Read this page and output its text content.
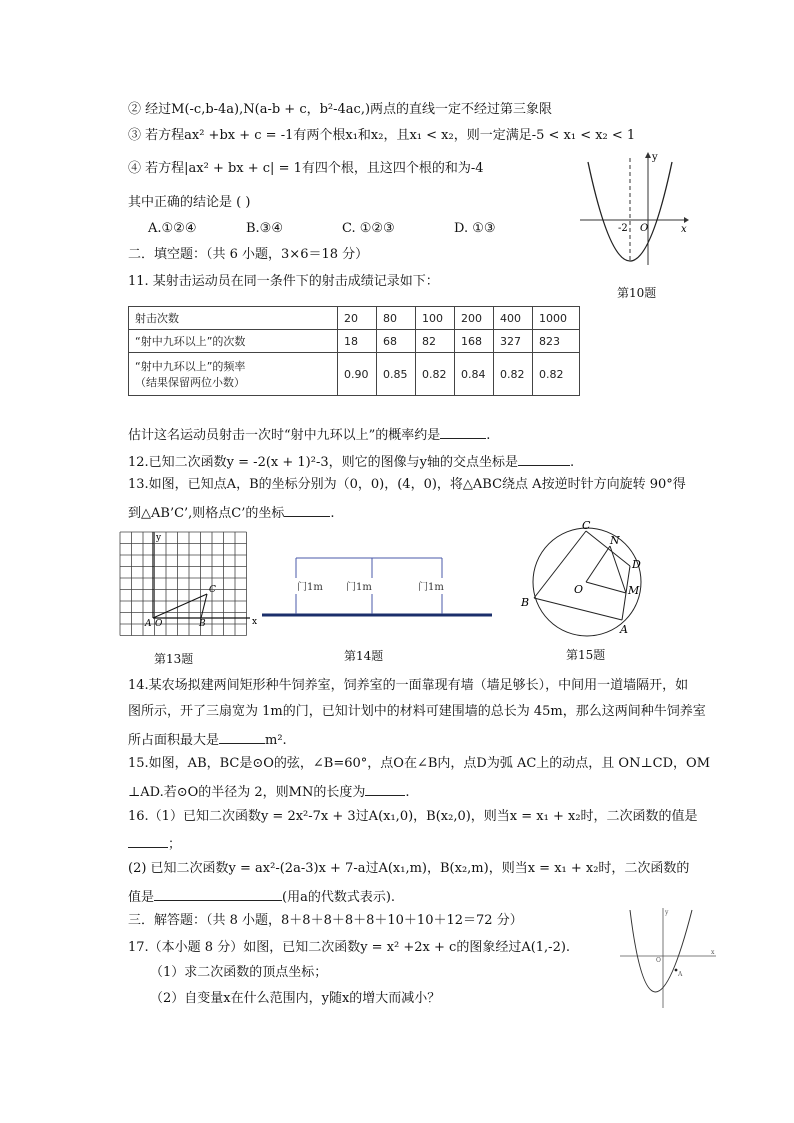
② 经过M(-c,b-4a),N(a-b + c，b²-4ac,)两点的直线一定不经过第三象限
③ 若方程ax² +bx + c = -1有两个根x₁和x₂，且x₁ < x₂，则一定满足-5 < x₁ < x₂ < 1
④ 若方程|ax² + bx + c| = 1有四个根，且这四个根的和为-4
其中正确的结论是 ( )
A.①②④	B.③④	C. ①②③	D. ①③
y
x
-2 O
第10题
二．填空题：（共 6 小题，3×6＝18 分）
11. 某射击运动员在同一条件下的射击成绩记录如下：
射击次数	20	80	100	200	400	1000
“射中九环以上”的次数	18	68	82	168	327	823

“射中九环以上”的频率
（结果保留两位小数）	0.90	0.85	0.82	0.84	0.82	0.82
估计这名运动员射击一次时“射中九环以上”的概率约是	.
12.已知二次函数y = -2(x + 1)²-3，则它的图像与y轴的交点坐标是	.
13.如图，已知点A，B的坐标分别为（0，0)，(4，0)，将△ABC绕点 A按逆时针方向旋转 90°得
到△AB’C’,则格点C’的坐标	.
y
x
A O	B
C
第13题
门1m 门1m	门1m
第14题
C
N
D
O	M
B
A
第15题
14.某农场拟建两间矩形种牛饲养室，饲养室的一面靠现有墙（墙足够长），中间用一道墙隔开，如
图所示，开了三扇宽为 1m的门，已知计划中的材料可建围墙的总长为 45m，那么这两间种牛饲养室
所占面积最大是	m².
15.如图，AB，BC是⊙O的弦，∠B=60°，点O在∠B内，点D为弧 AC上的动点，且 ON⊥CD，OM
⊥AD.若⊙O的半径为 2，则MN的长度为	.
16.（1）已知二次函数y = 2x²-7x + 3过A(x₁,0)，B(x₂,0)，则当x = x₁ + x₂时，二次函数的值是
；
(2) 已知二次函数y = ax²-(2a-3)x + 7-a过A(x₁,m)，B(x₂,m)，则当x = x₁ + x₂时，二次函数的
值是	(用a的代数式表示).
三．解答题：（共 8 小题，8＋8＋8＋8＋8＋10＋10＋12＝72 分）
17.（本小题 8 分）如图，已知二次函数y = x² +2x + c的图象经过A(1,-2).
（1）求二次函数的顶点坐标；
（2）自变量x在什么范围内，y随x的增大而减小？
y
x
O
A
